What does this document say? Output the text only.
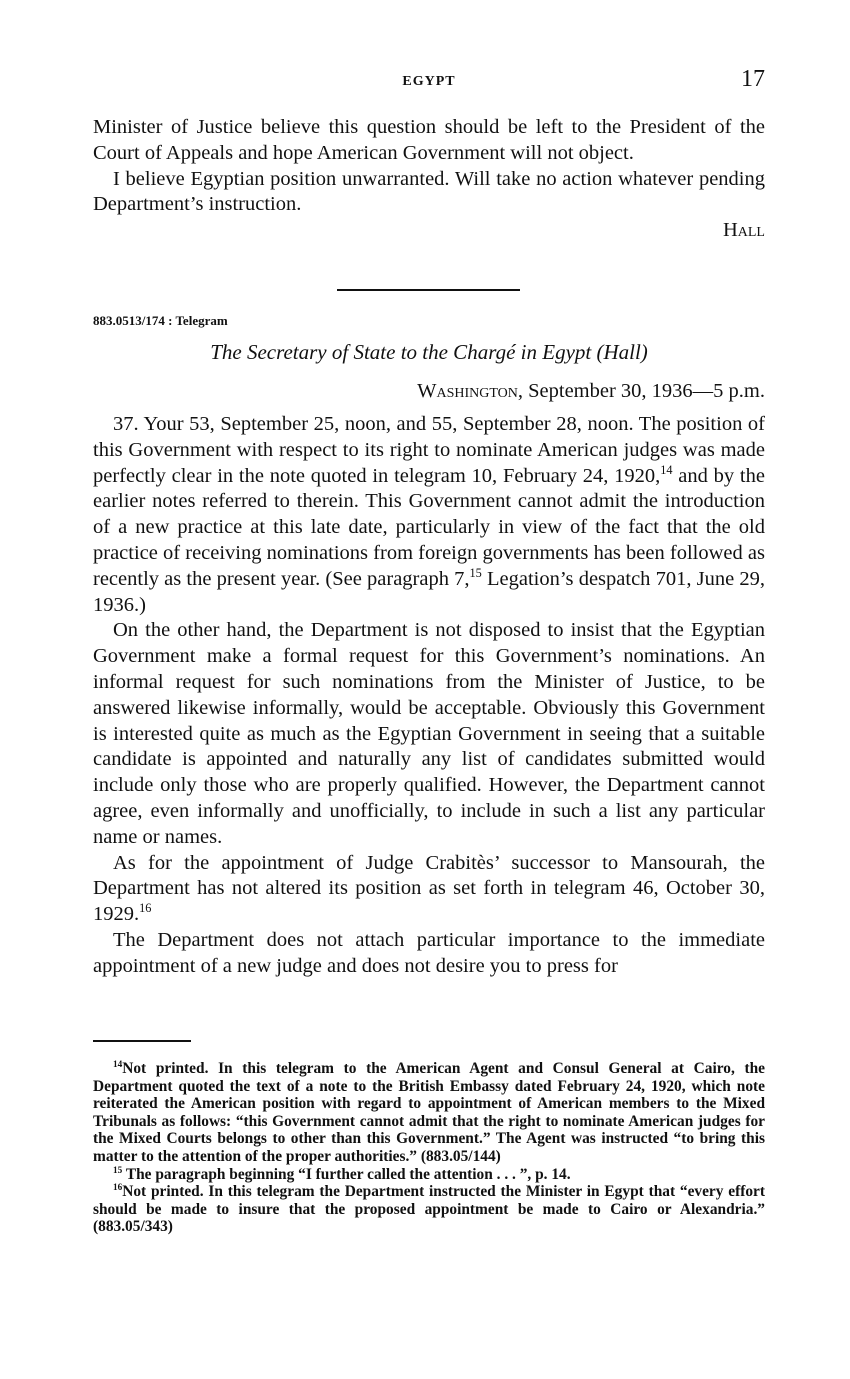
EGYPT	17

Minister of Justice believe this question should be left to the President of the Court of Appeals and hope American Government will not object.

I believe Egyptian position unwarranted. Will take no action whatever pending Department’s instruction.

Hall

883.0513/174 : Telegram
The Secretary of State to the Chargé in Egypt (Hall)
Washington, September 30, 1936—5 p.m.

37. Your 53, September 25, noon, and 55, September 28, noon. The position of this Government with respect to its right to nominate American judges was made perfectly clear in the note quoted in telegram 10, February 24, 1920,14 and by the earlier notes referred to therein. This Government cannot admit the introduction of a new practice at this late date, particularly in view of the fact that the old practice of receiving nominations from foreign governments has been followed as recently as the present year. (See paragraph 7,15 Legation’s despatch 701, June 29, 1936.)

On the other hand, the Department is not disposed to insist that the Egyptian Government make a formal request for this Government’s nominations. An informal request for such nominations from the Minister of Justice, to be answered likewise informally, would be acceptable. Obviously this Government is interested quite as much as the Egyptian Government in seeing that a suitable candidate is appointed and naturally any list of candidates submitted would include only those who are properly qualified. However, the Department cannot agree, even informally and unofficially, to include in such a list any particular name or names.

As for the appointment of Judge Crabitès’ successor to Mansourah, the Department has not altered its position as set forth in telegram 46, October 30, 1929.16

The Department does not attach particular importance to the immediate appointment of a new judge and does not desire you to press for

$^{14}$Not printed. In this telegram to the American Agent and Consul General at Cairo, the Department quoted the text of a note to the British Embassy dated February 24, 1920, which note reiterated the American position with regard to appointment of American members to the Mixed Tribunals as follows: “this Government cannot admit that the right to nominate American judges for the Mixed Courts belongs to other than this Government.” The Agent was instructed “to bring this matter to the attention of the proper authorities.” (883.05/144)

$^{15}$ The paragraph beginning “I further called the attention . . . ”, p. 14.

$^{16}$Not printed. In this telegram the Department instructed the Minister in Egypt that “every effort should be made to insure that the proposed appointment be made to Cairo or Alexandria.” (883.05/343)
